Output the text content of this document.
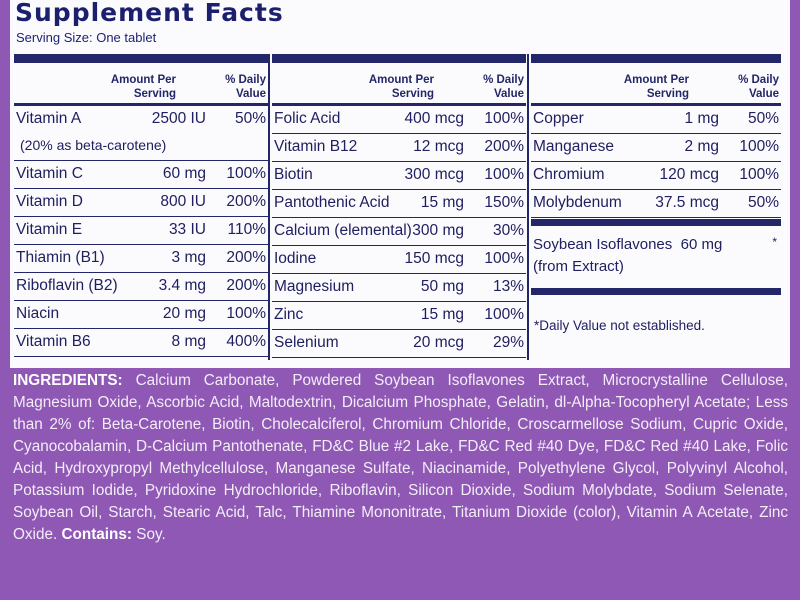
Supplement Facts
Serving Size: One tablet
Amount Per
Serving
% Daily
Value
Vitamin A	2500 IU 50%
(20% as beta-carotene)
Vitamin C	60 mg 100%
Vitamin D	800 IU 200%
Vitamin E	33 IU 110%
Thiamin (B1)	3 mg 200%
Riboflavin (B2)	3.4 mg 200%
Niacin	20 mg 100%
Vitamin B6	8 mg 400%
Amount Per
Serving
% Daily
Value
Folic Acid	400 mcg 100%
Vitamin B12	12 mcg 200%
Biotin	300 mcg 100%
Pantothenic Acid 15 mg 150%
Calcium (elemental) 300 mg 30%
Iodine	150 mcg 100%
Magnesium	50 mg 13%
Zinc	15 mg 100%
Selenium	20 mcg 29%
Amount Per
Serving
% Daily
Value
Copper	1 mg 50%
Manganese	2 mg 100%
Chromium	120 mcg 100%
Molybdenum 37.5 mcg 50%
Soybean Isoflavones 60 mg	*
(from Extract)
*Daily Value not established.
INGREDIENTS: Calcium Carbonate, Powdered Soybean Isoflavones Extract, Microcrystalline Cellulose, Magnesium Oxide, Ascorbic Acid, Maltodextrin, Dicalcium Phosphate, Gelatin, dl-Alpha-Tocopheryl Acetate; Less than 2% of: Beta-Carotene, Biotin, Cholecalciferol, Chromium Chloride, Croscarmellose Sodium, Cupric Oxide, Cyanocobalamin, D-Calcium Pantothenate, FD&C Blue #2 Lake, FD&C Red #40 Dye, FD&C Red #40 Lake, Folic Acid, Hydroxypropyl Methylcellulose, Manganese Sulfate, Niacinamide, Polyethylene Glycol, Polyvinyl Alcohol, Potassium Iodide, Pyridoxine Hydrochloride, Riboflavin, Silicon Dioxide, Sodium Molybdate, Sodium Selenate, Soybean Oil, Starch, Stearic Acid, Talc, Thiamine Mononitrate, Titanium Dioxide (color), Vitamin A Acetate, Zinc Oxide. Contains: Soy.
